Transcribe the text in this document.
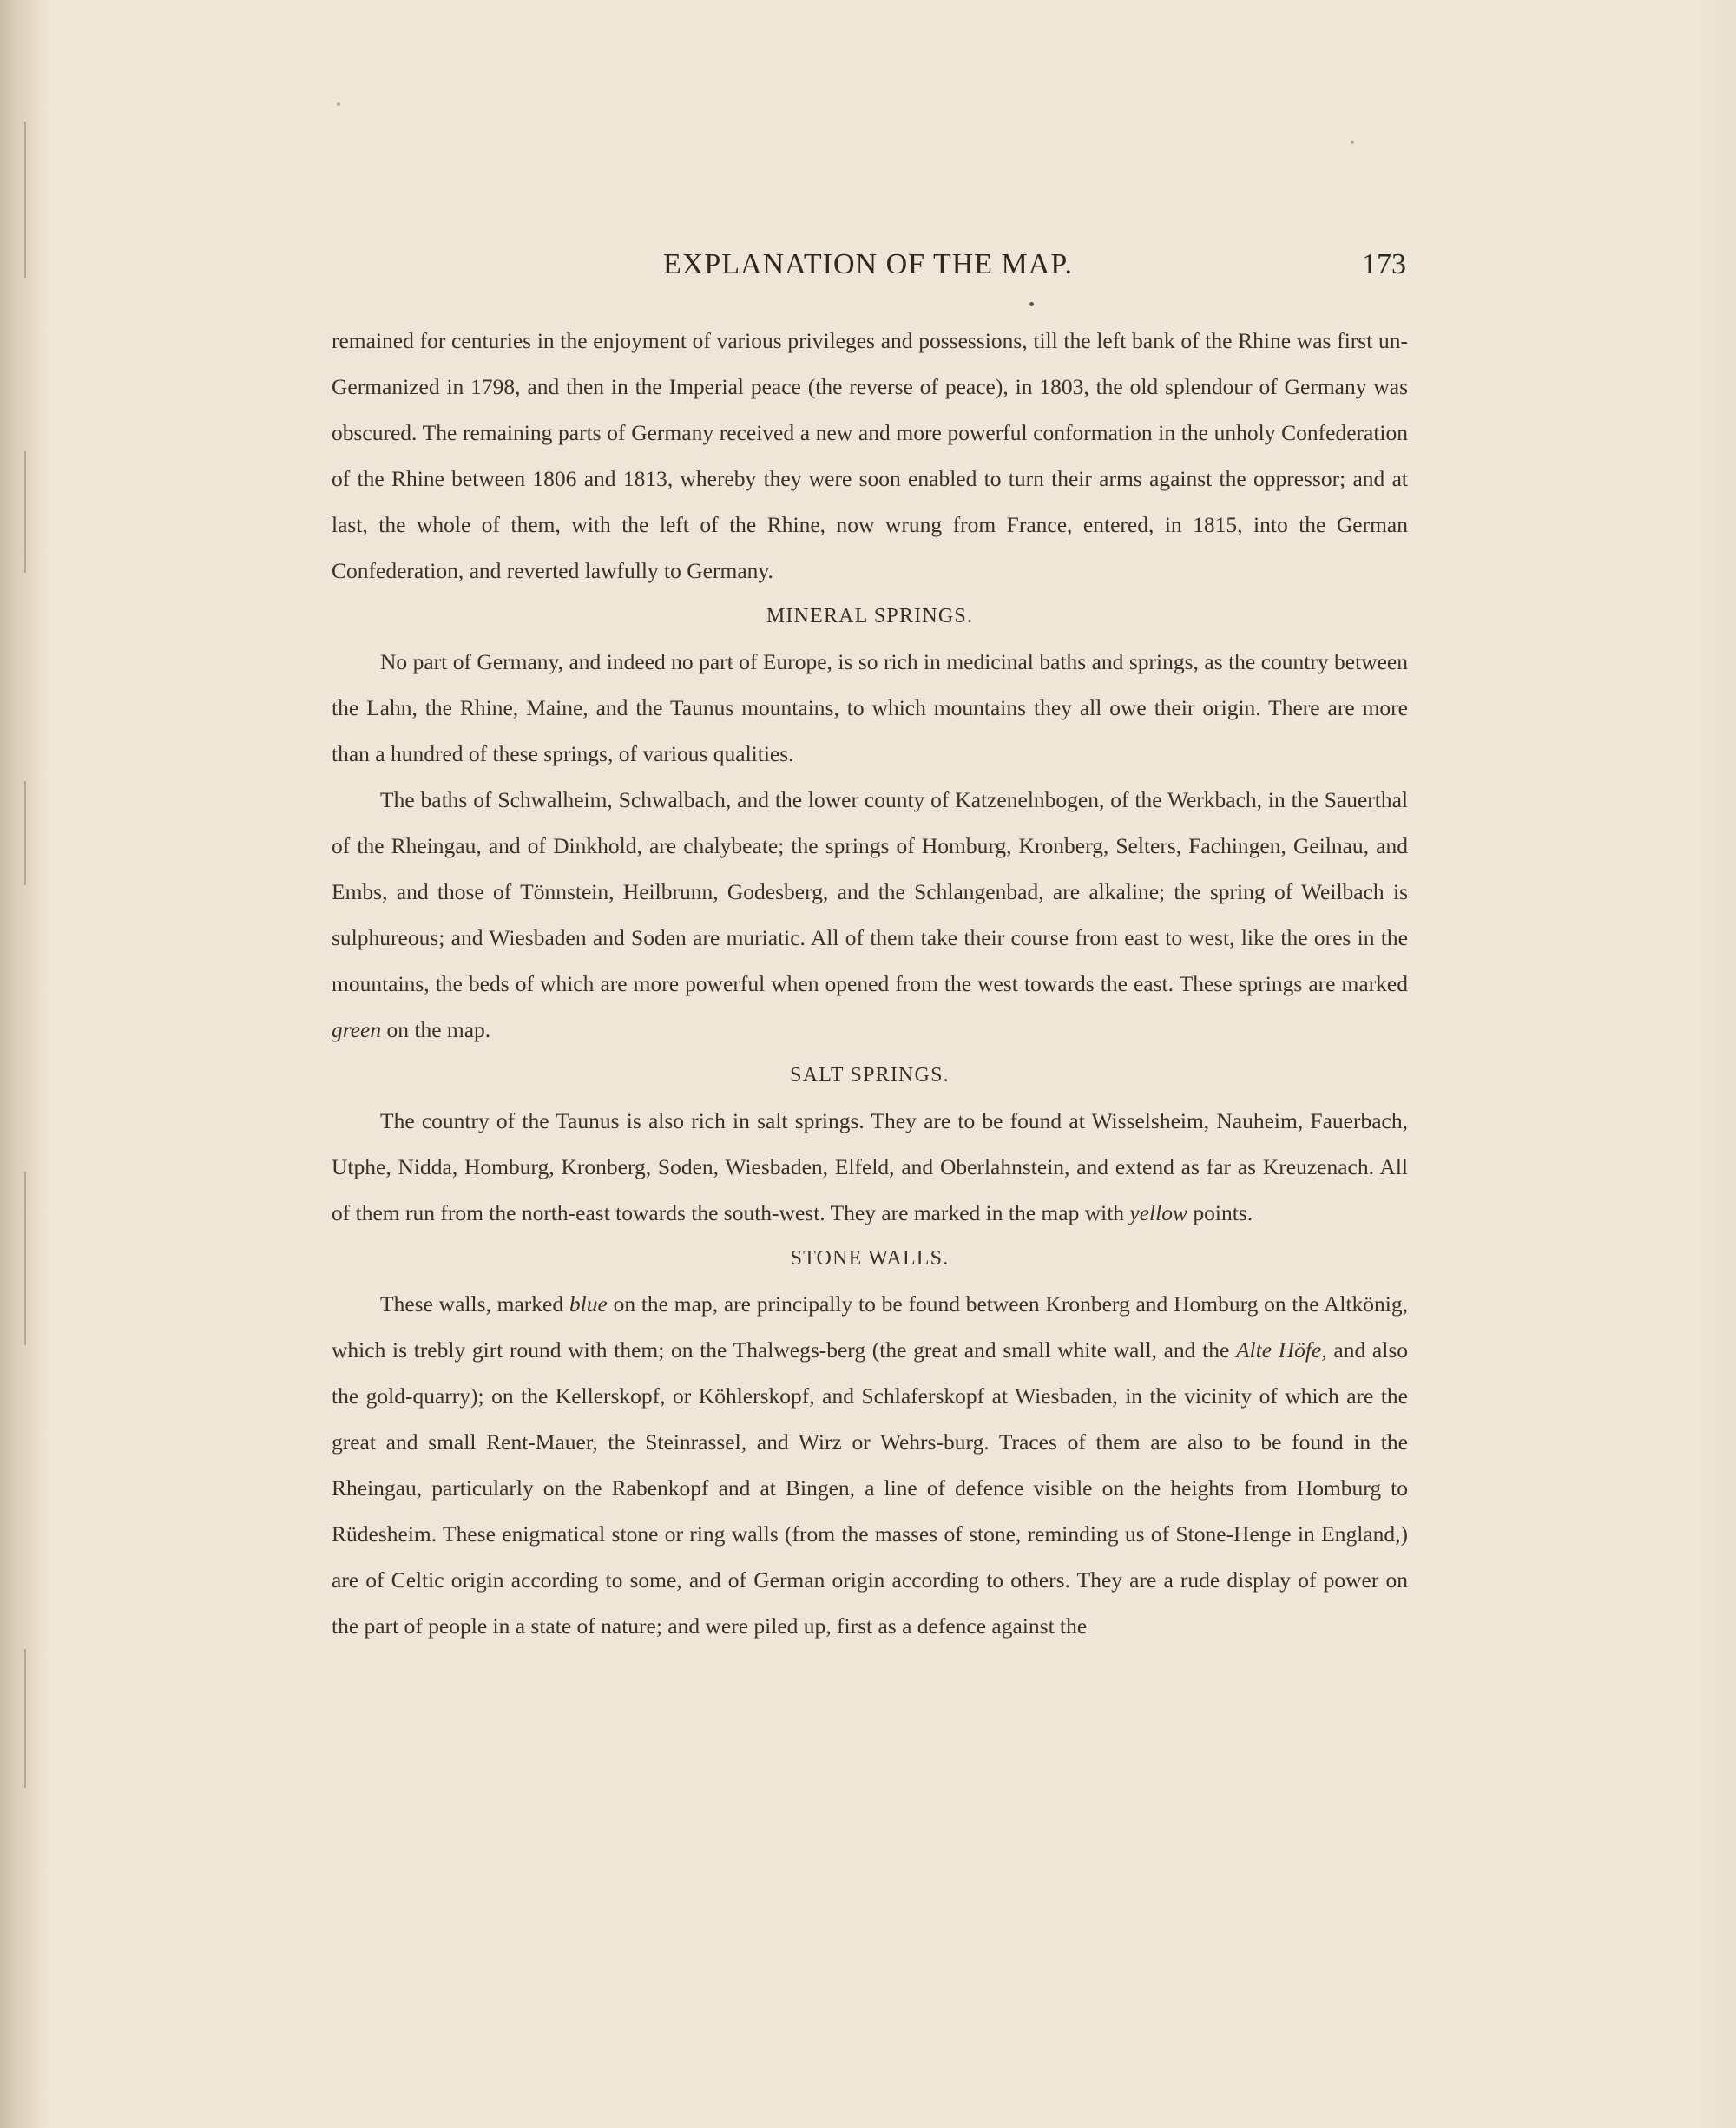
EXPLANATION OF THE MAP.	173

remained for centuries in the enjoyment of various privileges and possessions, till the left bank of the Rhine was first un-Germanized in 1798, and then in the Imperial peace (the reverse of peace), in 1803, the old splendour of Germany was obscured. The remaining parts of Germany received a new and more powerful conformation in the unholy Confederation of the Rhine between 1806 and 1813, whereby they were soon enabled to turn their arms against the oppressor; and at last, the whole of them, with the left of the Rhine, now wrung from France, entered, in 1815, into the German Confederation, and reverted lawfully to Germany.

MINERAL SPRINGS.

No part of Germany, and indeed no part of Europe, is so rich in medicinal baths and springs, as the country between the Lahn, the Rhine, Maine, and the Taunus mountains, to which mountains they all owe their origin. There are more than a hundred of these springs, of various qualities.

The baths of Schwalheim, Schwalbach, and the lower county of Katzenelnbogen, of the Werkbach, in the Sauerthal of the Rheingau, and of Dinkhold, are chalybeate; the springs of Homburg, Kronberg, Selters, Fachingen, Geilnau, and Embs, and those of Tönnstein, Heilbrunn, Godesberg, and the Schlangenbad, are alkaline; the spring of Weilbach is sulphureous; and Wiesbaden and Soden are muriatic. All of them take their course from east to west, like the ores in the mountains, the beds of which are more powerful when opened from the west towards the east. These springs are marked green on the map.

SALT SPRINGS.

The country of the Taunus is also rich in salt springs. They are to be found at Wisselsheim, Nauheim, Fauerbach, Utphe, Nidda, Homburg, Kronberg, Soden, Wiesbaden, Elfeld, and Oberlahnstein, and extend as far as Kreuzenach. All of them run from the north-east towards the south-west. They are marked in the map with yellow points.

STONE WALLS.

These walls, marked blue on the map, are principally to be found between Kronberg and Homburg on the Altkönig, which is trebly girt round with them; on the Thalwegs-berg (the great and small white wall, and the Alte Höfe, and also the gold-quarry); on the Kellerskopf, or Köhlerskopf, and Schlaferskopf at Wiesbaden, in the vicinity of which are the great and small Rent-Mauer, the Steinrassel, and Wirz or Wehrs-burg. Traces of them are also to be found in the Rheingau, particularly on the Rabenkopf and at Bingen, a line of defence visible on the heights from Homburg to Rüdesheim. These enigmatical stone or ring walls (from the masses of stone, reminding us of Stone-Henge in England,) are of Celtic origin according to some, and of German origin according to others. They are a rude display of power on the part of people in a state of nature; and were piled up, first as a defence against the
